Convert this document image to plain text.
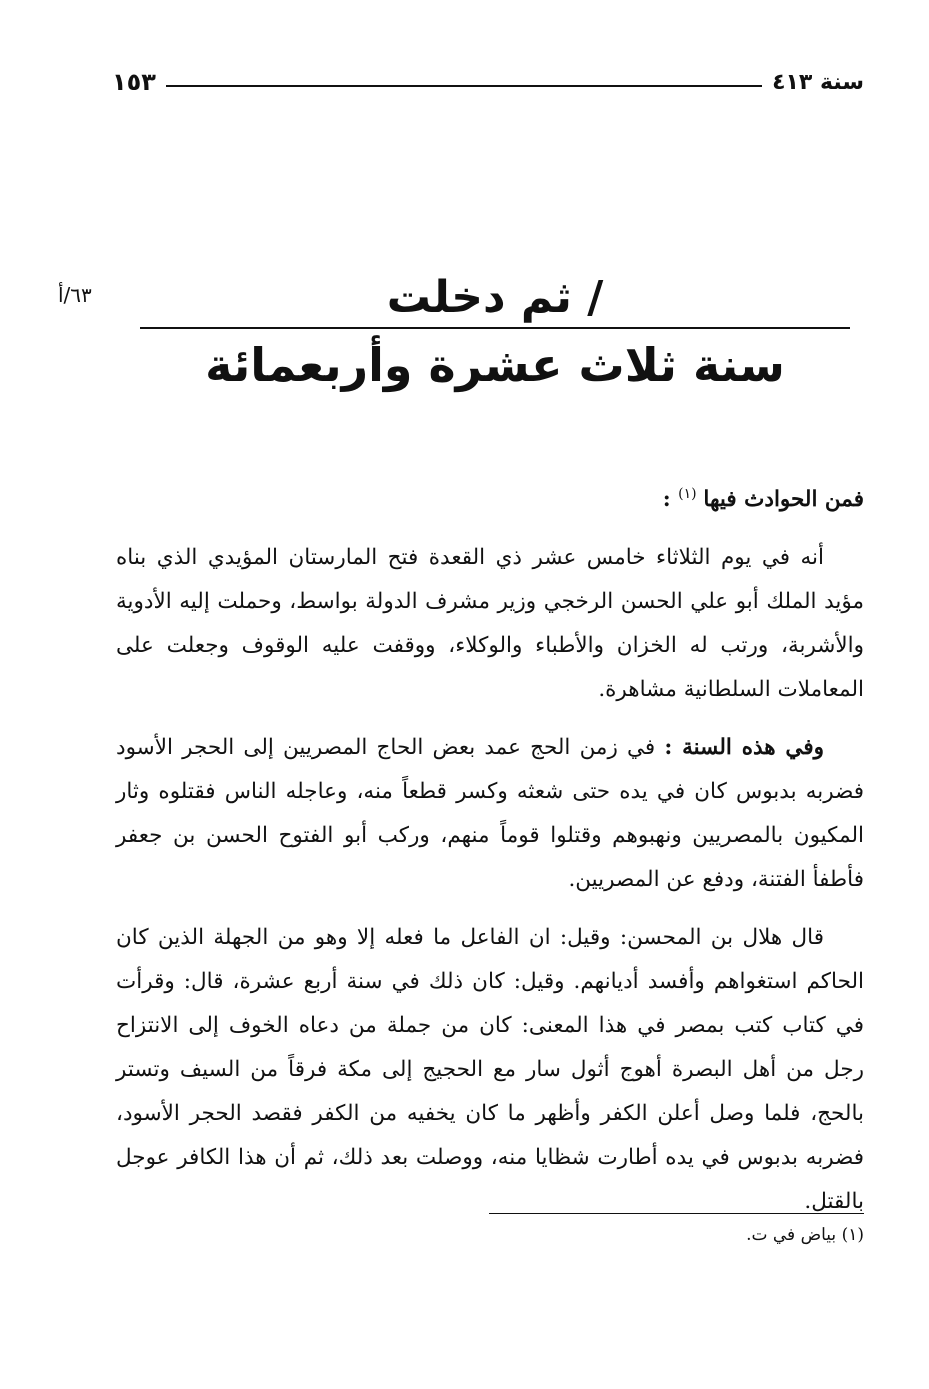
سنة ٤١٣
١٥٣
٦٣/أ	/ ثم دخلت
سنة ثلاث عشرة وأربعمائة

فمن الحوادث فيها $^{(١)}$ :

أنه في يوم الثلاثاء خامس عشر ذي القعدة فتح المارستان المؤيدي الذي بناه مؤيد الملك أبو علي الحسن الرخجي وزير مشرف الدولة بواسط، وحملت إليه الأدوية والأشربة، ورتب له الخزان والأطباء والوكلاء، ووقفت عليه الوقوف وجعلت على المعاملات السلطانية مشاهرة.

وفي هذه السنة : في زمن الحج عمد بعض الحاج المصريين إلى الحجر الأسود فضربه بدبوس كان في يده حتى شعثه وكسر قطعاً منه، وعاجله الناس فقتلوه وثار المكيون بالمصريين ونهبوهم وقتلوا قوماً منهم، وركب أبو الفتوح الحسن بن جعفر فأطفأ الفتنة، ودفع عن المصريين.

قال هلال بن المحسن: وقيل: ان الفاعل ما فعله إلا وهو من الجهلة الذين كان الحاكم استغواهم وأفسد أديانهم. وقيل: كان ذلك في سنة أربع عشرة، قال: وقرأت في كتاب كتب بمصر في هذا المعنى: كان من جملة من دعاه الخوف إلى الانتزاح رجل من أهل البصرة أهوج أثول سار مع الحجيج إلى مكة فرقاً من السيف وتستر بالحج، فلما وصل أعلن الكفر وأظهر ما كان يخفيه من الكفر فقصد الحجر الأسود، فضربه بدبوس في يده أطارت شظايا منه، ووصلت بعد ذلك، ثم أن هذا الكافر عوجل بالقتل.

(١) بياض في ت.
